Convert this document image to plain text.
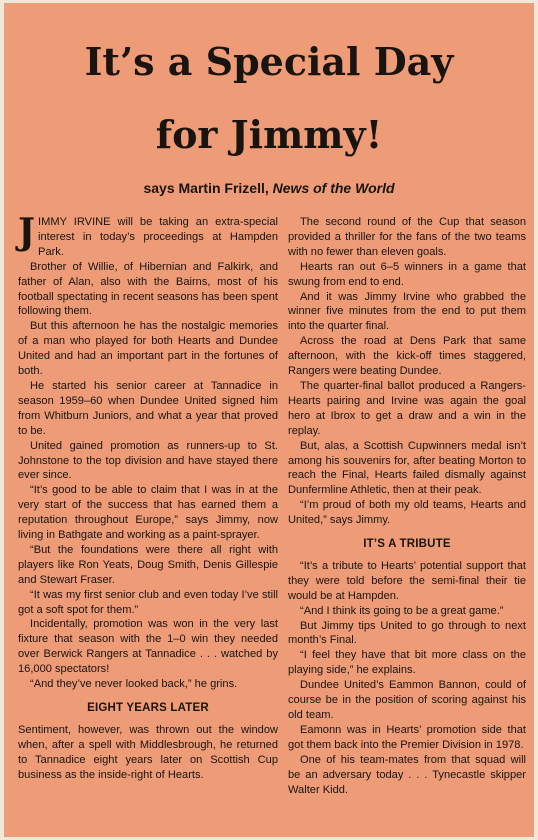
It’s a Special Day
for Jimmy!
says Martin Frizell, News of the World

JIMMY IRVINE will be taking an extra-special interest in today’s proceedings at Hampden Park.

Brother of Willie, of Hibernian and Falkirk, and father of Alan, also with the Bairns, most of his football spectating in recent seasons has been spent following them.

But this afternoon he has the nostalgic memories of a man who played for both Hearts and Dundee United and had an important part in the fortunes of both.

He started his senior career at Tannadice in season 1959–60 when Dundee United signed him from Whitburn Juniors, and what a year that proved to be.

United gained promotion as runners-up to St. Johnstone to the top division and have stayed there ever since.

“It’s good to be able to claim that I was in at the very start of the success that has earned them a reputation throughout Europe,” says Jimmy, now living in Bathgate and working as a paint-sprayer.

“But the foundations were there all right with players like Ron Yeats, Doug Smith, Denis Gillespie and Stewart Fraser.

“It was my first senior club and even today I’ve still got a soft spot for them.”

Incidentally, promotion was won in the very last fixture that season with the 1–0 win they needed over Berwick Rangers at Tannadice . . . watched by 16,000 spectators!

“And they’ve never looked back,” he grins.

EIGHT YEARS LATER

Sentiment, however, was thrown out the window when, after a spell with Middlesbrough, he returned to Tannadice eight years later on Scottish Cup business as the inside-right of Hearts.

The second round of the Cup that season provided a thriller for the fans of the two teams with no fewer than eleven goals.

Hearts ran out 6–5 winners in a game that swung from end to end.

And it was Jimmy Irvine who grabbed the winner five minutes from the end to put them into the quarter final.

Across the road at Dens Park that same afternoon, with the kick-off times staggered, Rangers were beating Dundee.

The quarter-final ballot produced a Rangers-Hearts pairing and Irvine was again the goal hero at Ibrox to get a draw and a win in the replay.

But, alas, a Scottish Cupwinners medal isn’t among his souvenirs for, after beating Morton to reach the Final, Hearts failed dismally against Dunfermline Athletic, then at their peak.

“I’m proud of both my old teams, Hearts and United,” says Jimmy.

IT’S A TRIBUTE

“It’s a tribute to Hearts’ potential support that they were told before the semi-final their tie would be at Hampden.

“And I think its going to be a great game.”

But Jimmy tips United to go through to next month’s Final.

“I feel they have that bit more class on the playing side,” he explains.

Dundee United’s Eammon Bannon, could of course be in the position of scoring against his old team.

Eamonn was in Hearts’ promotion side that got them back into the Premier Division in 1978.

One of his team-mates from that squad will be an adversary today . . . Tynecastle skipper Walter Kidd.
